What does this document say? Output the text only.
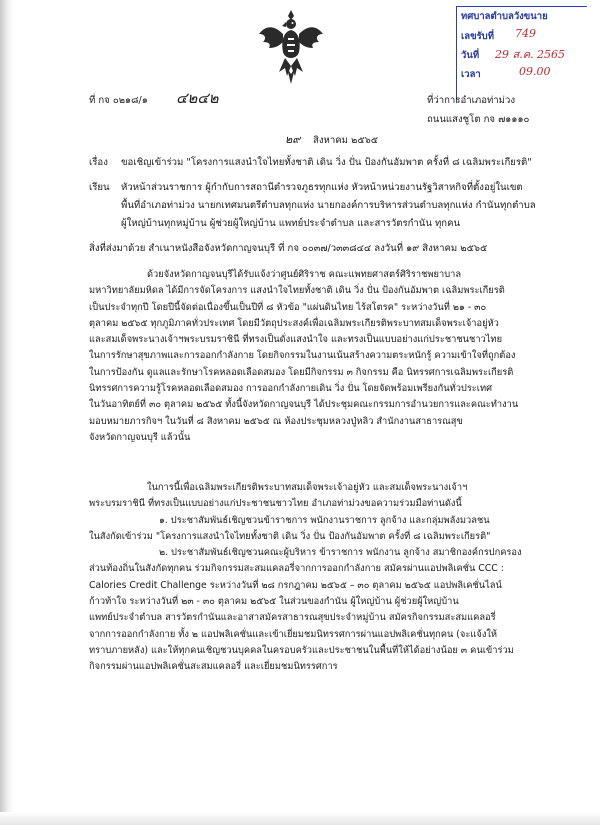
ทศบาลตำบลวังขนาย
เลขรับที่ 749
วันที่ 29 ส.ค. 2565
เวลา	09.00
ที่ กจ ๐๒๑๘/๑ ๔๒๔๒	ที่ว่าการอำเภอท่าม่วง
ถนนแสงชูโต กจ ๗๑๑๑๐
๒๙ สิงหาคม ๒๕๖๕
เรื่อง ขอเชิญเข้าร่วม "โครงการแสงนำใจไทยทั้งชาติ เดิน วิ่ง ปั่น ป้องกันอัมพาต ครั้งที่ ๘ เฉลิมพระเกียรติ"
เรียน หัวหน้าส่วนราชการ ผู้กำกับการสถานีตำรวจภูธรทุกแห่ง หัวหน้าหน่วยงานรัฐวิสาหกิจที่ตั้งอยู่ในเขต
พื้นที่อำเภอท่าม่วง นายกเทศมนตรีตำบลทุกแห่ง นายกองค์การบริหารส่วนตำบลทุกแห่ง กำนันทุกตำบล
ผู้ใหญ่บ้านทุกหมู่บ้าน ผู้ช่วยผู้ใหญ่บ้าน แพทย์ประจำตำบล และสารวัตรกำนัน ทุกคน
สิ่งที่ส่งมาด้วย สำเนาหนังสือจังหวัดกาญจนบุรี ที่ กจ ๐๐๓๗/ว๓๓๘๔๔ ลงวันที่ ๑๙ สิงหาคม ๒๕๖๕

ด้วยจังหวัดกาญจนบุรีได้รับแจ้งว่าศูนย์ศิริราช คณะแพทยศาสตร์ศิริราชพยาบาล

มหาวิทยาลัยมหิดล ได้มีการจัดโครงการ แสงนำใจไทยทั้งชาติ เดิน วิ่ง ปั่น ป้องกันอัมพาต เฉลิมพระเกียรติ

เป็นประจำทุกปี โดยปีนี้จัดต่อเนื่องขึ้นเป็นปีที่ ๘ หัวข้อ "แผ่นดินไทย ไร้สโตรค" ระหว่างวันที่ ๒๑ - ๓๐

ตุลาคม ๒๕๖๕ ทุกภูมิภาคทั่วประเทศ โดยมีวัตถุประสงค์เพื่อเฉลิมพระเกียรติพระบาทสมเด็จพระเจ้าอยู่หัว

และสมเด็จพระนางเจ้าฯพระบรมราชินี ที่ทรงเป็นดั่งแสงนำใจ และทรงเป็นแบบอย่างแก่ประชาชนชาวไทย

ในการรักษาสุขภาพและการออกกำลังกาย โดยกิจกรรมในงานเน้นสร้างความตระหนักรู้ ความเข้าใจที่ถูกต้อง

ในการป้องกัน ดูแลและรักษาโรคหลอดเลือดสมอง โดยมีกิจกรรม ๓ กิจกรรม คือ นิทรรศการเฉลิมพระเกียรติ

นิทรรศการความรู้โรคหลอดเลือดสมอง การออกกำลังกายเดิน วิ่ง ปั่น โดยจัดพร้อมเพรียงกันทั่วประเทศ

ในวันอาทิตย์ที่ ๓๐ ตุลาคม ๒๕๖๕ ทั้งนี้จังหวัดกาญจนบุรี ได้ประชุมคณะกรรมการอำนวยการและคณะทำงาน

มอบหมายภารกิจฯ ในวันที่ ๘ สิงหาคม ๒๕๖๕ ณ ห้องประชุมหลวงปู่หลิว สำนักงานสาธารณสุข

จังหวัดกาญจนบุรี แล้วนั้น

ในการนี้เพื่อเฉลิมพระเกียรติพระบาทสมเด็จพระเจ้าอยู่หัว และสมเด็จพระนางเจ้าฯ

พระบรมราชินี ที่ทรงเป็นแบบอย่างแก่ประชาชนชาวไทย อำเภอท่าม่วงขอความร่วมมือท่านดังนี้

๑. ประชาสัมพันธ์เชิญชวนข้าราชการ พนักงานราชการ ลูกจ้าง และกลุ่มพลังมวลชน

ในสังกัดเข้าร่วม "โครงการแสงนำใจไทยทั้งชาติ เดิน วิ่ง ปั่น ป้องกันอัมพาต ครั้งที่ ๘ เฉลิมพระเกียรติ"

๒. ประชาสัมพันธ์เชิญชวนคณะผู้บริหาร ข้าราชการ พนักงาน ลูกจ้าง สมาชิกองค์กรปกครอง

ส่วนท้องถิ่นในสังกัดทุกคน ร่วมกิจกรรมสะสมแคลอรี่จากการออกกำลังกาย สมัครผ่านแอปพลิเคชั่น CCC :

Calories Credit Challenge ระหว่างวันที่ ๒๘ กรกฎาคม ๒๕๖๕ – ๓๐ ตุลาคม ๒๕๖๕ แอปพลิเคชั่นไลน์

ก้าวท้าใจ ระหว่างวันที่ ๒๓ - ๓๐ ตุลาคม ๒๕๖๕ ในส่วนของกำนัน ผู้ใหญ่บ้าน ผู้ช่วยผู้ใหญ่บ้าน

แพทย์ประจำตำบล สารวัตรกำนันและอาสาสมัครสาธารณสุขประจำหมู่บ้าน สมัครกิจกรรมสะสมแคลอรี่

จากการออกกำลังกาย ทั้ง ๒ แอปพลิเคชั่นและเข้าเยี่ยมชมนิทรรศการผ่านแอปพลิเคชั่นทุกคน (จะแจ้งให้

ทราบภายหลัง) และให้ทุกคนเชิญชวนบุคคลในครอบครัวและประชาชนในพื้นที่ให้ได้อย่างน้อย ๓ คนเข้าร่วม

กิจกรรมผ่านแอปพลิเคชั่นสะสมแคลอรี่ และเยี่ยมชมนิทรรศการ
